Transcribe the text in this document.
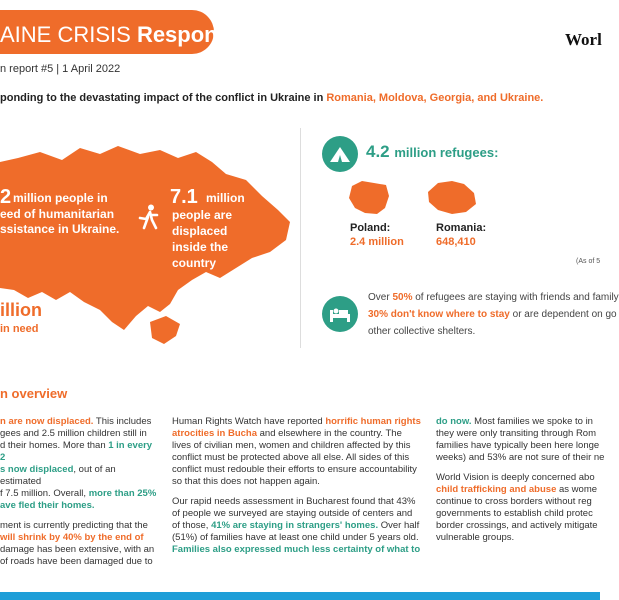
AINE CRISIS Response	Worl
n report #5 | 1 April 2022
ponding to the devastating impact of the conflict in Ukraine in Romania, Moldova, Georgia, and Ukraine.
2 million people in
eed of humanitarian
ssistance in Ukraine.
7.1 million
people are
displaced
inside the
country
illion
in need
4.2 million refugees:
Poland:
2.4 million
Romania:
648,410
(As of 5
Over 50% of refugees are staying with friends and family
30% don't know where to stay or are dependent on go
other collective shelters.
n overview

n are now displaced. This includes
gees and 2.5 million children still in
d their homes. More than 1 in every 2
s now displaced, out of an estimated
f 7.5 million. Overall, more than 25%
ave fled their homes.

ment is currently predicting that the
will shrink by 40% by the end of
damage has been extensive, with an
of roads have been damaged due to

Human Rights Watch have reported horrific human rights atrocities in Bucha and elsewhere in the country. The lives of civilian men, women and children affected by this conflict must be protected above all else. All sides of this conflict must redouble their efforts to ensure accountability so that this does not happen again.

Our rapid needs assessment in Bucharest found that 43% of people we surveyed are staying outside of centers and of those, 41% are staying in strangers' homes. Over half (51%) of families have at least one child under 5 years old. Families also expressed much less certainty of what to

do now. Most families we spoke to in
they were only transiting through Rom
families have typically been here longe
weeks) and 53% are not sure of their ne

World Vision is deeply concerned abo
child trafficking and abuse as wome
continue to cross borders without reg
governments to establish child protec
border crossings, and actively mitigate
vulnerable groups.
